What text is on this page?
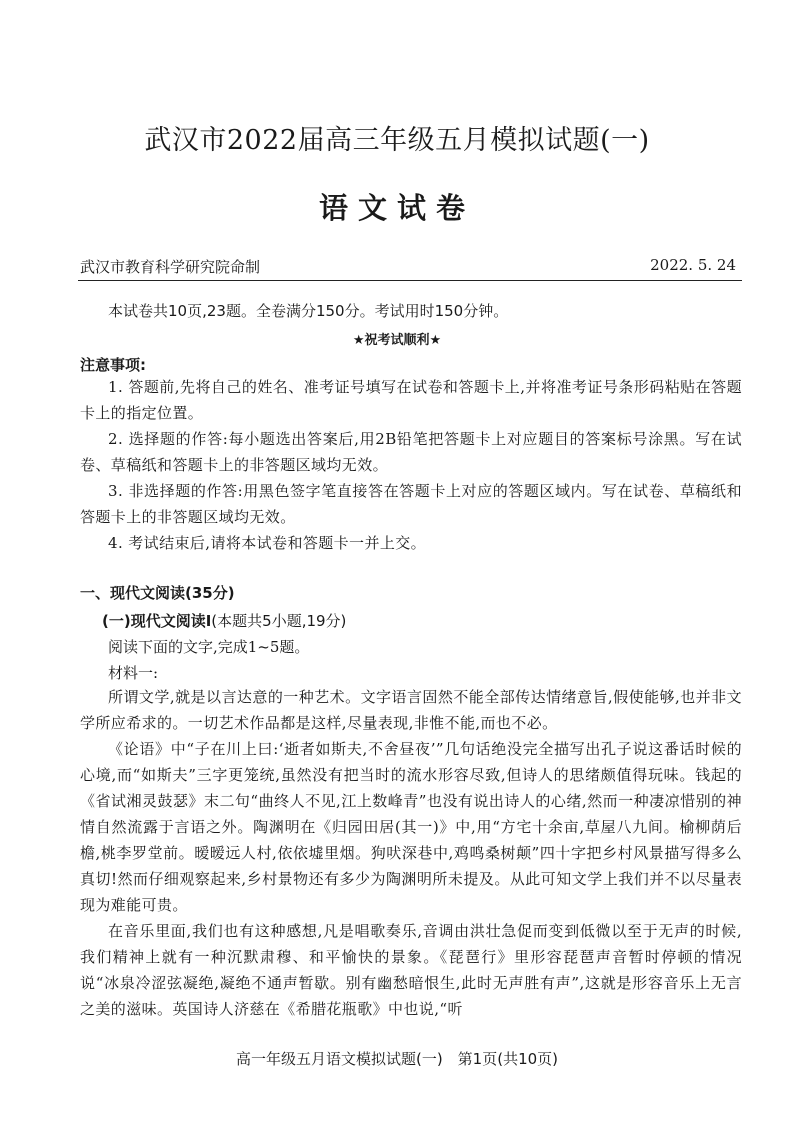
武汉市2022届高三年级五月模拟试题(一)
语文试卷
武汉市教育科学研究院命制	2022. 5. 24
本试卷共10页,23题。全卷满分150分。考试用时150分钟。
★祝考试顺利★
注意事项:

1. 答题前,先将自己的姓名、准考证号填写在试卷和答题卡上,并将准考证号条形码粘贴在答题卡上的指定位置。

2. 选择题的作答:每小题选出答案后,用2B铅笔把答题卡上对应题目的答案标号涂黑。写在试卷、草稿纸和答题卡上的非答题区域均无效。

3. 非选择题的作答:用黑色签字笔直接答在答题卡上对应的答题区域内。写在试卷、草稿纸和答题卡上的非答题区域均无效。

4. 考试结束后,请将本试卷和答题卡一并上交。

一、现代文阅读(35分)
(一)现代文阅读Ⅰ(本题共5小题,19分)
阅读下面的文字,完成1~5题。
材料一:

所谓文学,就是以言达意的一种艺术。文字语言固然不能全部传达情绪意旨,假使能够,也并非文学所应希求的。一切艺术作品都是这样,尽量表现,非惟不能,而也不必。

《论语》中“子在川上曰:‘逝者如斯夫,不舍昼夜’”几句话绝没完全描写出孔子说这番话时候的心境,而“如斯夫”三字更笼统,虽然没有把当时的流水形容尽致,但诗人的思绪颇值得玩味。钱起的《省试湘灵鼓瑟》末二句“曲终人不见,江上数峰青”也没有说出诗人的心绪,然而一种凄凉惜别的神情自然流露于言语之外。陶渊明在《归园田居(其一)》中,用“方宅十余亩,草屋八九间。榆柳荫后檐,桃李罗堂前。暧暧远人村,依依墟里烟。狗吠深巷中,鸡鸣桑树颠”四十字把乡村风景描写得多么真切!然而仔细观察起来,乡村景物还有多少为陶渊明所未提及。从此可知文学上我们并不以尽量表现为难能可贵。

在音乐里面,我们也有这种感想,凡是唱歌奏乐,音调由洪壮急促而变到低微以至于无声的时候,我们精神上就有一种沉默肃穆、和平愉快的景象。《琵琶行》里形容琵琶声音暂时停顿的情况说“冰泉冷涩弦凝绝,凝绝不通声暂歇。别有幽愁暗恨生,此时无声胜有声”,这就是形容音乐上无言之美的滋味。英国诗人济慈在《希腊花瓶歌》中也说,“听

高一年级五月语文模拟试题(一)　第1页(共10页)
